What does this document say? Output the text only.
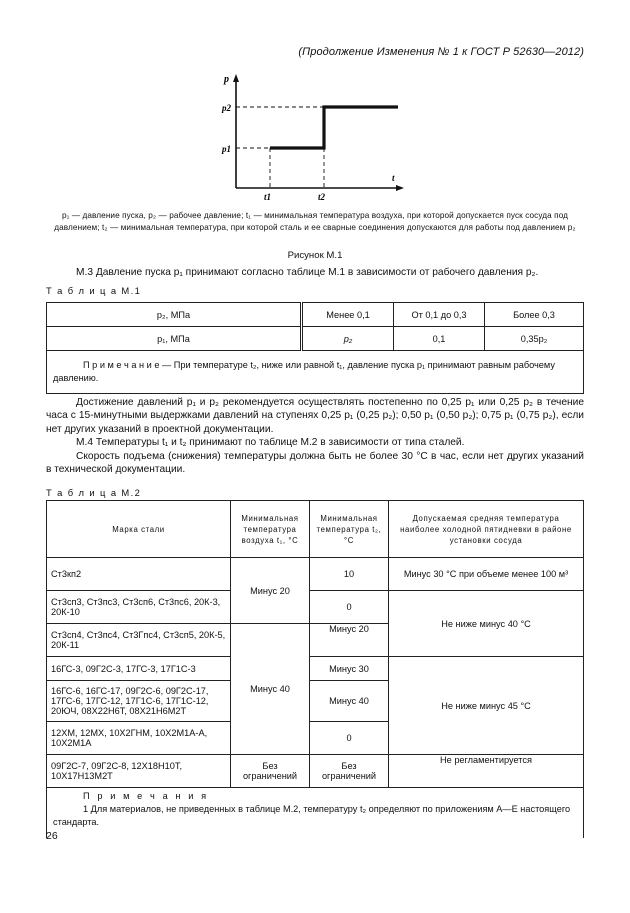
(Продолжение Изменения № 1 к ГОСТ Р 52630—2012)
p
t
p2
p1
t1	t2
p₁ — давление пуска, p₂ — рабочее давление; t₁ — минимальная температура воздуха, при которой допускается пуск сосуда под давлением; t₂ — минимальная температура, при которой сталь и ее сварные соединения допускаются для работы под давлением p₂
Рисунок М.1
М.3 Давление пуска p₁ принимают согласно таблице М.1 в зависимости от рабочего давления p₂.
Т а б л и ц а М.1
p₂, МПа	Менее 0,1	От 0,1 до 0,3	Более 0,3
p₁, МПа	p₂	0,1	0,35p₂
П р и м е ч а н и е — При температуре t₂, ниже или равной t₁, давление пуска p₁ принимают равным рабочему давлению.			
Достижение давлений p₁ и p₂ рекомендуется осуществлять постепенно по 0,25 p₁ или 0,25 p₂ в течение часа с 15-минутными выдержками давлений на ступенях 0,25 p₁ (0,25 p₂); 0,50 p₁ (0,50 p₂); 0,75 p₁ (0,75 p₂), если нет других указаний в проектной документации.
М.4 Температуры t₁ и t₂ принимают по таблице М.2 в зависимости от типа сталей.
Скорость подъема (снижения) температуры должна быть не более 30 °С в час, если нет других указаний в технической документации.
Т а б л и ц а М.2
Марка стали	Минимальная температура воздуха t₁, °С	Минимальная температура t₂, °С	Допускаемая средняя температура наиболее холодной пятидневки в районе установки сосуда
Ст3кп2	Минус 20	10	Минус 30 °С при объеме менее 100 м³
Ст3сп3, Ст3пс3, Ст3сп6, Ст3пс6, 20К-3, 20К-10		0	Не ниже минус 40 °С
Ст3сп4, Ст3пс4, Ст3Гпс4, Ст3сп5, 20К-5, 20К-11	Минус 40	Минус 20	
16ГС-3, 09Г2С-3, 17ГС-3, 17Г1С-3		Минус 30	Не ниже минус 45 °С
16ГС-6, 16ГС-17, 09Г2С-6, 09Г2С-17, 17ГС-6, 17ГС-12, 17Г1С-6, 17Г1С-12, 20ЮЧ, 08Х22Н6Т, 08Х21Н6М2Т		Минус 40	
12ХМ, 12МХ, 10Х2ГНМ, 10Х2М1А-А, 10Х2М1А		0	
09Г2С-7, 09Г2С-8, 12Х18Н10Т, 10Х17Н13М2Т	Без ограничений	Без ограничений	Не регламентируется

П р и м е ч а н и я
1 Для материалов, не приведенных в таблице М.2, температуру t₂ определяют по приложениям А—Е настоящего стандарта.			
26
